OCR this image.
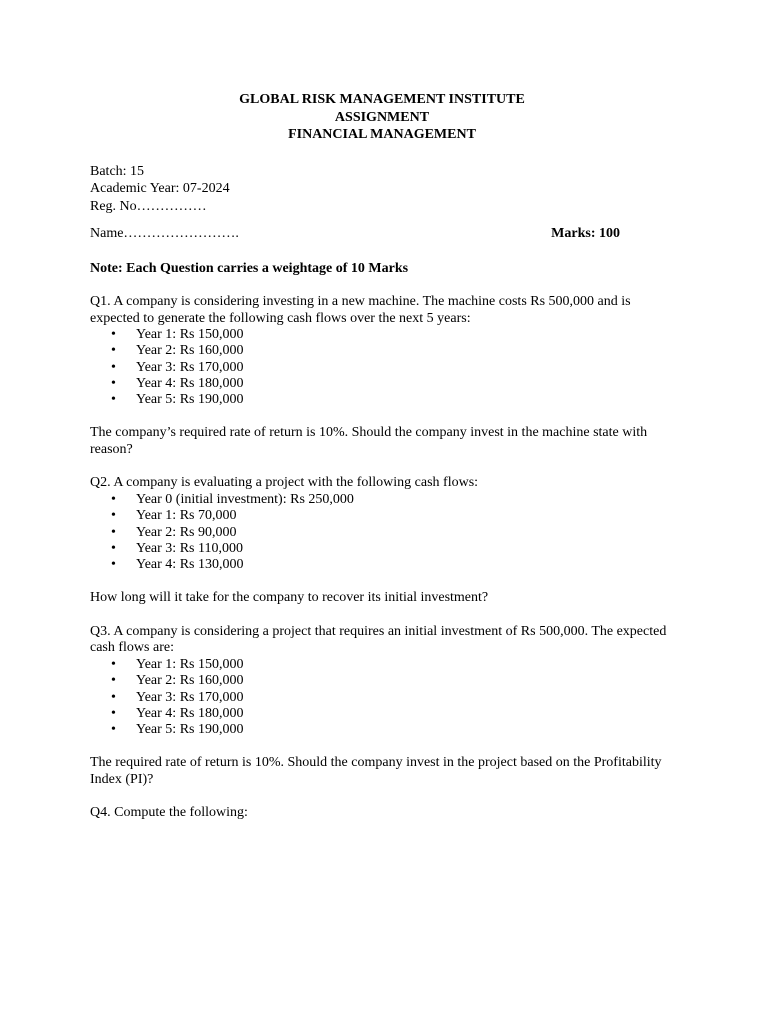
GLOBAL RISK MANAGEMENT INSTITUTE
ASSIGNMENT
FINANCIAL MANAGEMENT
Batch: 15
Academic Year: 07-2024
Reg. No……………
Name…………………….	Marks: 100
Note: Each Question carries a weightage of 10 Marks

Q1. A company is considering investing in a new machine. The machine costs Rs 500,000 and is expected to generate the following cash flows over the next 5 years:

• Year 1: Rs 150,000
• Year 2: Rs 160,000
• Year 3: Rs 170,000
• Year 4: Rs 180,000
• Year 5: Rs 190,000

The company’s required rate of return is 10%. Should the company invest in the machine state with reason?

Q2. A company is evaluating a project with the following cash flows:

• Year 0 (initial investment): Rs 250,000
• Year 1: Rs 70,000
• Year 2: Rs 90,000
• Year 3: Rs 110,000
• Year 4: Rs 130,000

How long will it take for the company to recover its initial investment?

Q3. A company is considering a project that requires an initial investment of Rs 500,000. The expected cash flows are:

• Year 1: Rs 150,000
• Year 2: Rs 160,000
• Year 3: Rs 170,000
• Year 4: Rs 180,000
• Year 5: Rs 190,000

The required rate of return is 10%. Should the company invest in the project based on the Profitability Index (PI)?

Q4. Compute the following:
